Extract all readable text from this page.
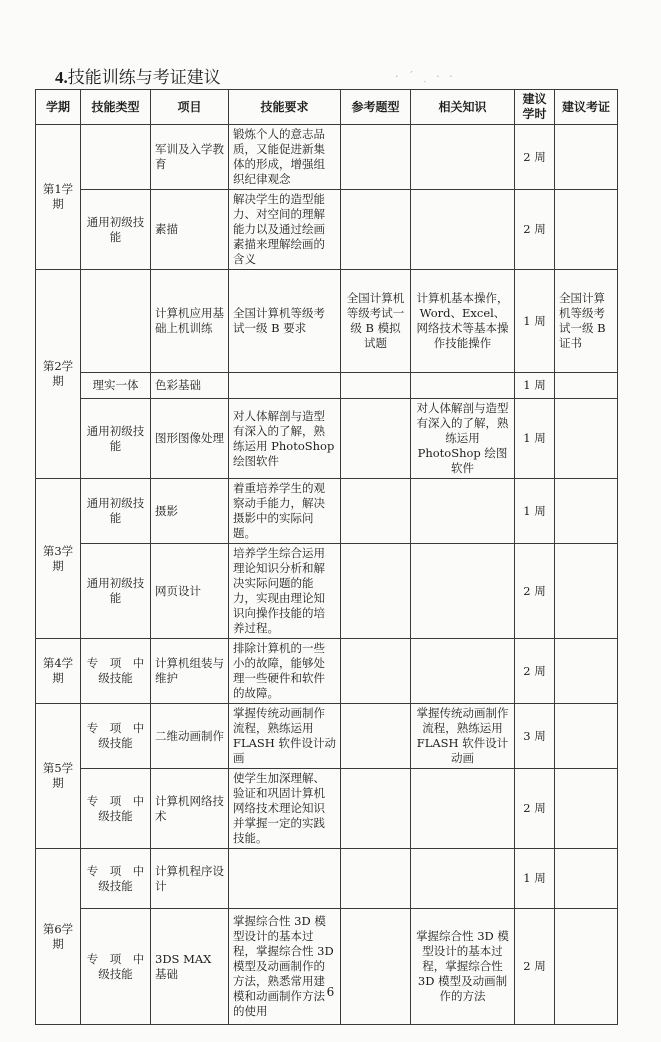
4.技能训练与考证建议	· ˊ ˏ · ·
学期	技能类型	项目	技能要求	参考题型	相关知识	建议学时	建议考证
第1学期		军训及入学教育	锻炼个人的意志品质，又能促进新集体的形成，增强组织纪律观念			2 周	
	通用初级技能	素描	解决学生的造型能力、对空间的理解能力以及通过绘画素描来理解绘画的含义			2 周	
第2学期		计算机应用基础上机训练	全国计算机等级考试一级 B 要求	全国计算机等级考试一级 B 模拟试题	计算机基本操作，Word、Excel、网络技术等基本操作技能操作	1 周	全国计算机等级考试一级 B 证书
	理实一体	色彩基础				1 周	
	通用初级技能	图形图像处理	对人体解剖与造型有深入的了解，熟练运用 PhotoShop 绘图软件		对人体解剖与造型有深入的了解，熟练运用 PhotoShop 绘图软件	1 周	
第3学期	通用初级技能	摄影	着重培养学生的观察动手能力，解决摄影中的实际问题。			1 周	
	通用初级技能	网页设计	培养学生综合运用理论知识分析和解决实际问题的能力，实现由理论知识向操作技能的培养过程。			2 周	
第4学期	专　项　中级技能	计算机组装与维护	排除计算机的一些小的故障，能够处理一些硬件和软件的故障。			2 周	
第5学期	专　项　中级技能	二维动画制作	掌握传统动画制作流程，熟练运用 FLASH 软件设计动画		掌握传统动画制作流程，熟练运用 FLASH 软件设计动画	3 周	
	专　项　中级技能	计算机网络技术	使学生加深理解、验证和巩固计算机网络技术理论知识并掌握一定的实践技能。			2 周	
第6学期	专　项　中级技能	计算机程序设计				1 周	
	专　项　中级技能	3DS MAX 基础	掌握综合性 3D 模型设计的基本过程，掌握综合性 3D 模型及动画制作的方法，熟悉常用建模和动画制作方法的使用		掌握综合性 3D 模型设计的基本过程，掌握综合性 3D 模型及动画制作的方法	2 周	
6
